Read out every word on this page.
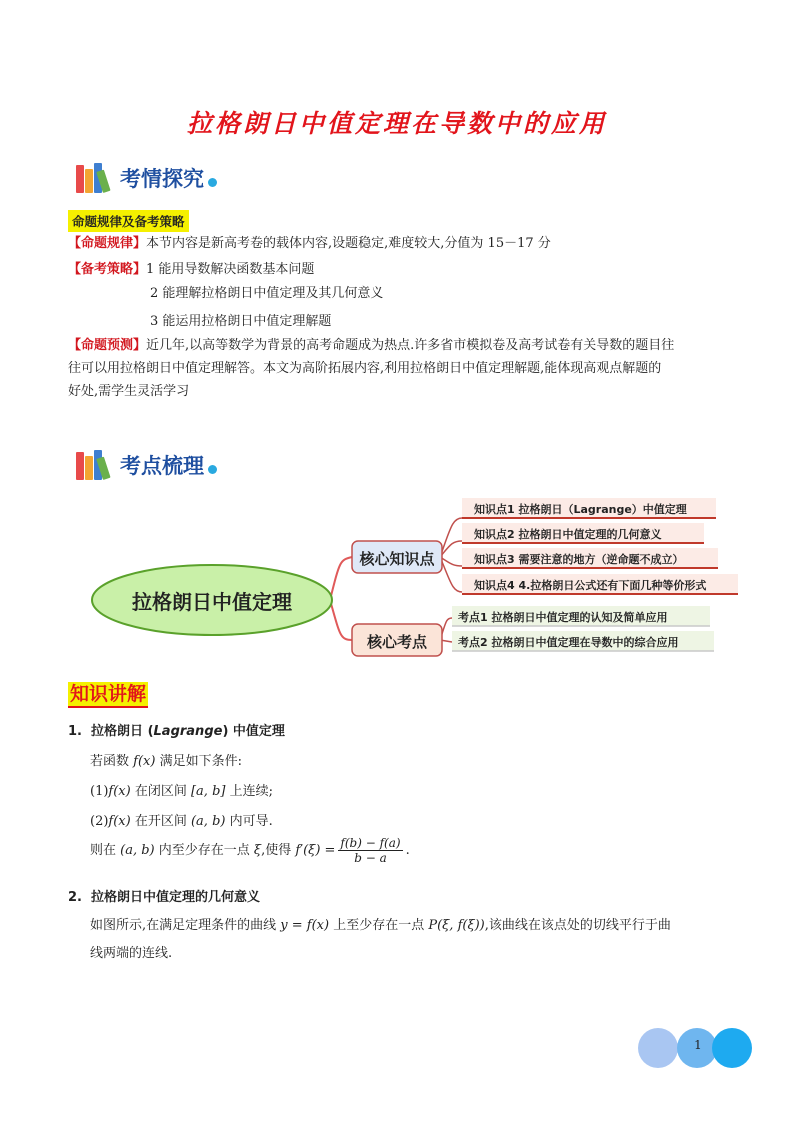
拉格朗日中值定理在导数中的应用
考情探究
命题规律及备考策略
【命题规律】本节内容是新高考卷的载体内容,设题稳定,难度较大,分值为 15－17 分
【备考策略】1 能用导数解决函数基本问题
2 能理解拉格朗日中值定理及其几何意义
3 能运用拉格朗日中值定理解题
【命题预测】近几年,以高等数学为背景的高考命题成为热点.许多省市模拟卷及高考试卷有关导数的题目往
往可以用拉格朗日中值定理解答。本文为高阶拓展内容,利用拉格朗日中值定理解题,能体现高观点解题的
好处,需学生灵活学习
考点梳理
拉格朗日中值定理
核心知识点
核心考点
知识点1 拉格朗日（Lagrange）中值定理
知识点2 拉格朗日中值定理的几何意义
知识点3 需要注意的地方（逆命题不成立）
知识点4 4.拉格朗日公式还有下面几种等价形式
考点1 拉格朗日中值定理的认知及简单应用
考点2 拉格朗日中值定理在导数中的综合应用
知识讲解
1. 拉格朗日 (Lagrange) 中值定理
若函数 f(x) 满足如下条件:
(1)f(x) 在闭区间 [a, b] 上连续;
(2)f(x) 在开区间 (a, b) 内可导.
则在 (a, b) 内至少存在一点 ξ,使得 $f'(\xi) = \frac{f(b) - f(a)}{b - a}$ .
2. 拉格朗日中值定理的几何意义
如图所示,在满足定理条件的曲线 y = f(x) 上至少存在一点 P(ξ, f(ξ)),该曲线在该点处的切线平行于曲
线两端的连线.
1
